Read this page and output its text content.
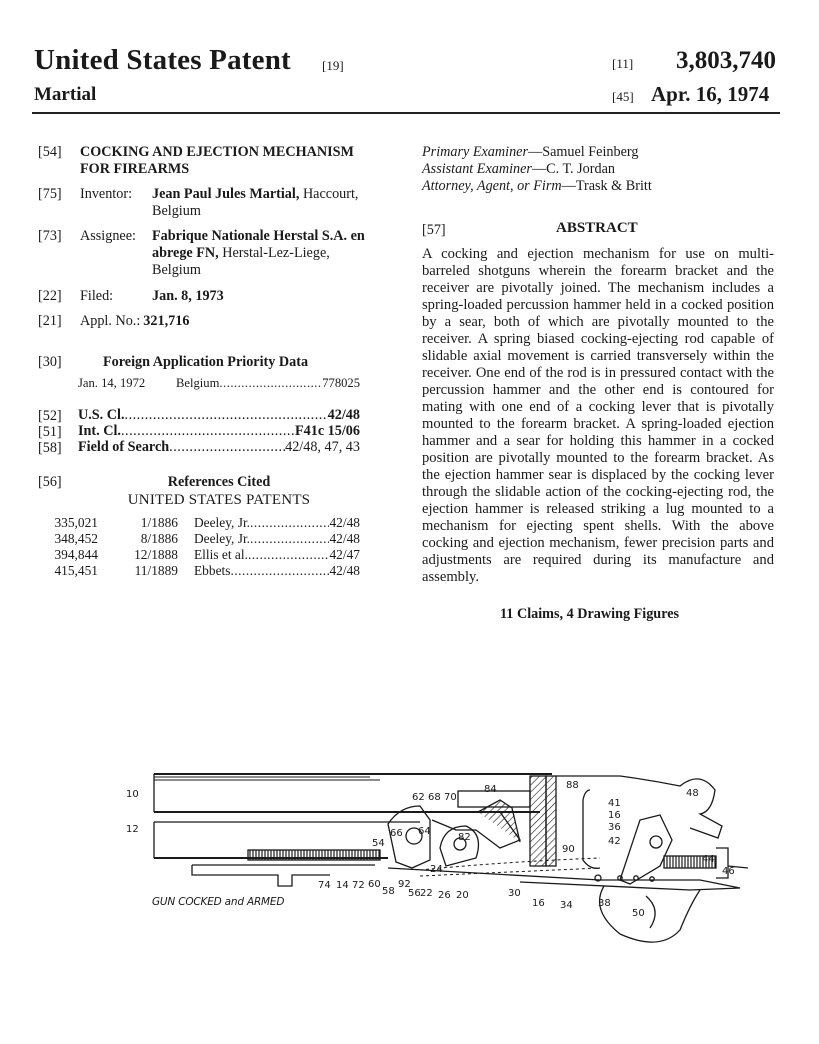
United States Patent [19]
Martial
[11] 3,803,740
[45] Apr. 16, 1974
[54]	COCKING AND EJECTION MECHANISM
FOR FIREARMS
[75]	Inventor:	Jean Paul Jules Martial, Haccourt,
Belgium
[73]	Assignee:	Fabrique Nationale Herstal S.A. en
abrege FN, Herstal-Lez-Liege,
Belgium
[22]	Filed:	Jan. 8, 1973
[21]	Appl. No.: 321,716
[30]	Foreign Application Priority Data
Jan. 14, 1972	Belgium .....	778025
[52] U.S. Cl. .....	42/48
[51] Int. Cl. .....	F41c 15/06
[58] Field of Search .....	42/48, 47, 43
[56]	References Cited
UNITED STATES PATENTS
335,021	1/1886	Deeley, Jr. .....	42/48
348,452	8/1886	Deeley, Jr. .....	42/48
394,844	12/1888	Ellis et al. .....	42/47
415,451	11/1889	Ebbets .....	42/48
Primary Examiner—Samuel Feinberg
Assistant Examiner—C. T. Jordan
Attorney, Agent, or Firm—Trask & Britt
[57]	ABSTRACT
A cocking and ejection mechanism for use on multi-barreled shotguns wherein the forearm bracket and the receiver are pivotally joined. The mechanism includes a spring-loaded percussion hammer held in a cocked position by a sear, both of which are pivotally mounted to the receiver. A spring biased cocking-ejecting rod capable of slidable axial movement is carried transversely within the receiver. One end of the rod is in pressured contact with the percussion hammer and the other end is contoured for mating with one end of a cocking lever that is pivotally mounted to the forearm bracket. A spring-loaded ejection hammer and a sear for holding this hammer in a cocked position are pivotally mounted to the forearm bracket. As the ejection hammer sear is displaced by the cocking lever through the slidable action of the cocking-ejecting rod, the ejection hammer is released striking a lug mounted to a mechanism for ejecting spent shells. With the above cocking and ejection mechanism, fewer precision parts and adjustments are required during its manufacture and assembly.
11 Claims, 4 Drawing Figures
10
12
62 68 70
84	88
48
66 64
82
54
41
16
36
42
90
44
46
74 14 72 60
58
92
56 22
24
26 20	30
16 34	38
50
GUN COCKED and ARMED
